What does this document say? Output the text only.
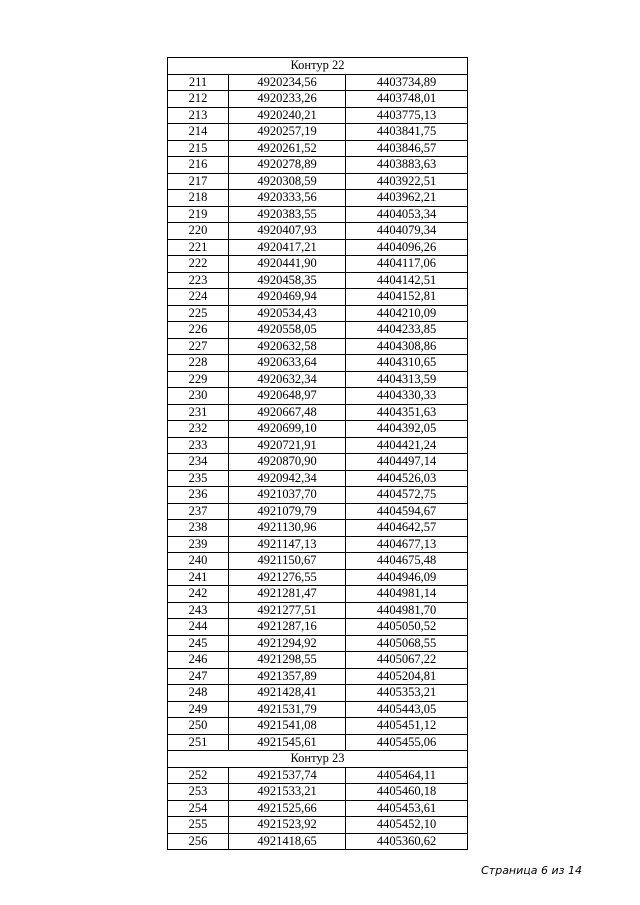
Контур 22		
211	4920234,56	4403734,89
212	4920233,26	4403748,01
213	4920240,21	4403775,13
214	4920257,19	4403841,75
215	4920261,52	4403846,57
216	4920278,89	4403883,63
217	4920308,59	4403922,51
218	4920333,56	4403962,21
219	4920383,55	4404053,34
220	4920407,93	4404079,34
221	4920417,21	4404096,26
222	4920441,90	4404117,06
223	4920458,35	4404142,51
224	4920469,94	4404152,81
225	4920534,43	4404210,09
226	4920558,05	4404233,85
227	4920632,58	4404308,86
228	4920633,64	4404310,65
229	4920632,34	4404313,59
230	4920648,97	4404330,33
231	4920667,48	4404351,63
232	4920699,10	4404392,05
233	4920721,91	4404421,24
234	4920870,90	4404497,14
235	4920942,34	4404526,03
236	4921037,70	4404572,75
237	4921079,79	4404594,67
238	4921130,96	4404642,57
239	4921147,13	4404677,13
240	4921150,67	4404675,48
241	4921276,55	4404946,09
242	4921281,47	4404981,14
243	4921277,51	4404981,70
244	4921287,16	4405050,52
245	4921294,92	4405068,55
246	4921298,55	4405067,22
247	4921357,89	4405204,81
248	4921428,41	4405353,21
249	4921531,79	4405443,05
250	4921541,08	4405451,12
251	4921545,61	4405455,06
Контур 23		
252	4921537,74	4405464,11
253	4921533,21	4405460,18
254	4921525,66	4405453,61
255	4921523,92	4405452,10
256	4921418,65	4405360,62
Страница 6 из 14
